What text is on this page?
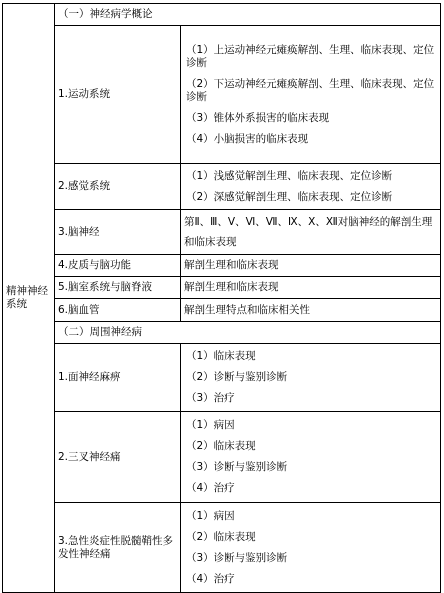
精神神经系统	（一）神经病学概论	
	1.运动系统	（1）上运动神经元瘫痪解剖、生理、临床表现、定位诊断
（2）下运动神经元瘫痪解剖、生理、临床表现、定位诊断
（3）锥体外系损害的临床表现
（4）小脑损害的临床表现

	2.感觉系统	（1）浅感觉解剖生理、临床表现、定位诊断
（2）深感觉解剖生理、临床表现、定位诊断

	3.脑神经	第Ⅱ、Ⅲ、Ⅴ、Ⅵ、Ⅶ、Ⅸ、Ⅹ、Ⅻ对脑神经的解剖生理和临床表现

	4.皮质与脑功能	解剖生理和临床表现
	5.脑室系统与脑脊液	解剖生理和临床表现
	6.脑血管	解剖生理特点和临床相关性
	（二）周围神经病	
	1.面神经麻痹	（1）临床表现
（2）诊断与鉴别诊断
（3）治疗

	2.三叉神经痛	（1）病因
（2）临床表现
（3）诊断与鉴别诊断
（4）治疗

	3.急性炎症性脱髓鞘性多发性神经痛	（1）病因
（2）临床表现
（3）诊断与鉴别诊断
（4）治疗
